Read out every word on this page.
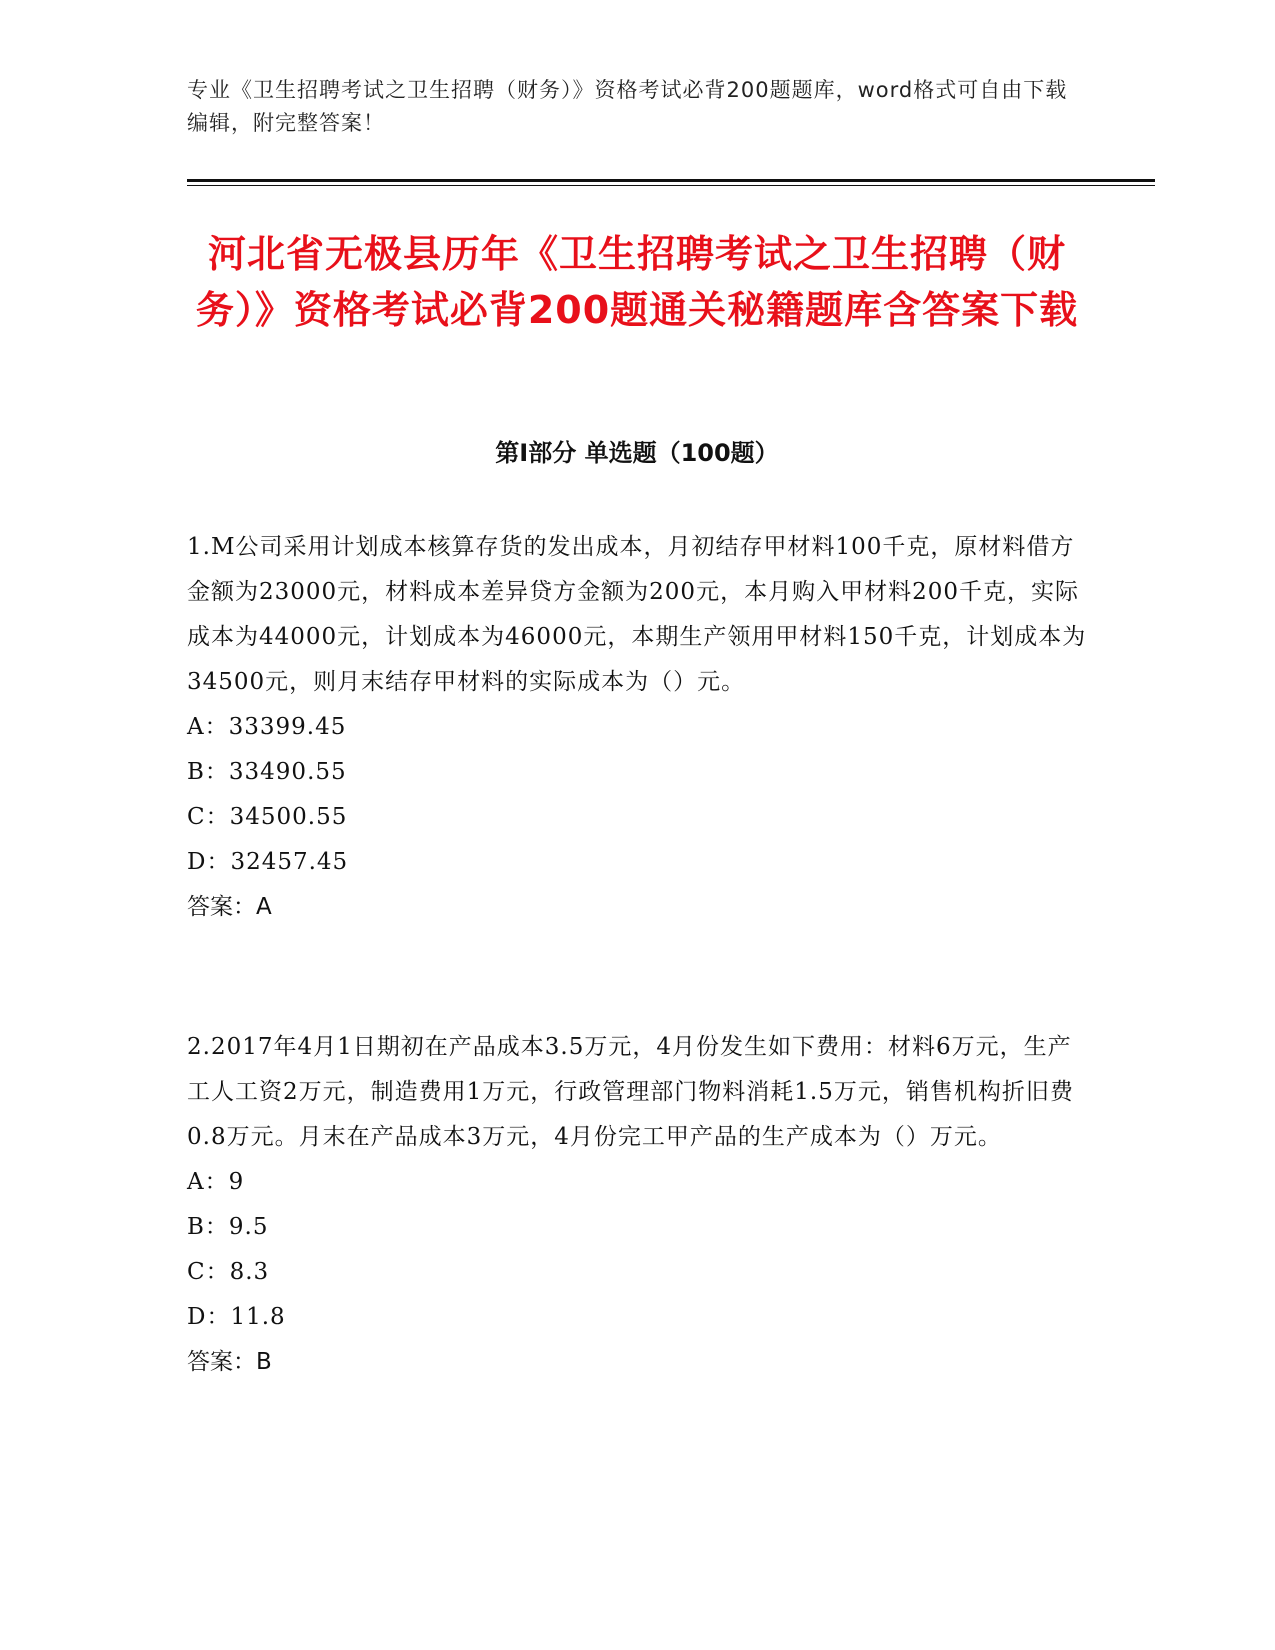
专业《卫生招聘考试之卫生招聘（财务）》资格考试必背200题题库，word格式可自由下载编辑，附完整答案！
河北省无极县历年《卫生招聘考试之卫生招聘（财务）》资格考试必背200题通关秘籍题库含答案下载
第Ⅰ部分 单选题（100题）

1.M公司采用计划成本核算存货的发出成本，月初结存甲材料100千克，原材料借方金额为23000元，材料成本差异贷方金额为200元，本月购入甲材料200千克，实际成本为44000元，计划成本为46000元，本期生产领用甲材料150千克，计划成本为34500元，则月末结存甲材料的实际成本为（）元。

A：33399.45

B：33490.55

C：34500.55

D：32457.45

答案：A

2.2017年4月1日期初在产品成本3.5万元，4月份发生如下费用：材料6万元，生产工人工资2万元，制造费用1万元，行政管理部门物料消耗1.5万元，销售机构折旧费0.8万元。月末在产品成本3万元，4月份完工甲产品的生产成本为（）万元。

A：9

B：9.5

C：8.3

D：11.8

答案：B
